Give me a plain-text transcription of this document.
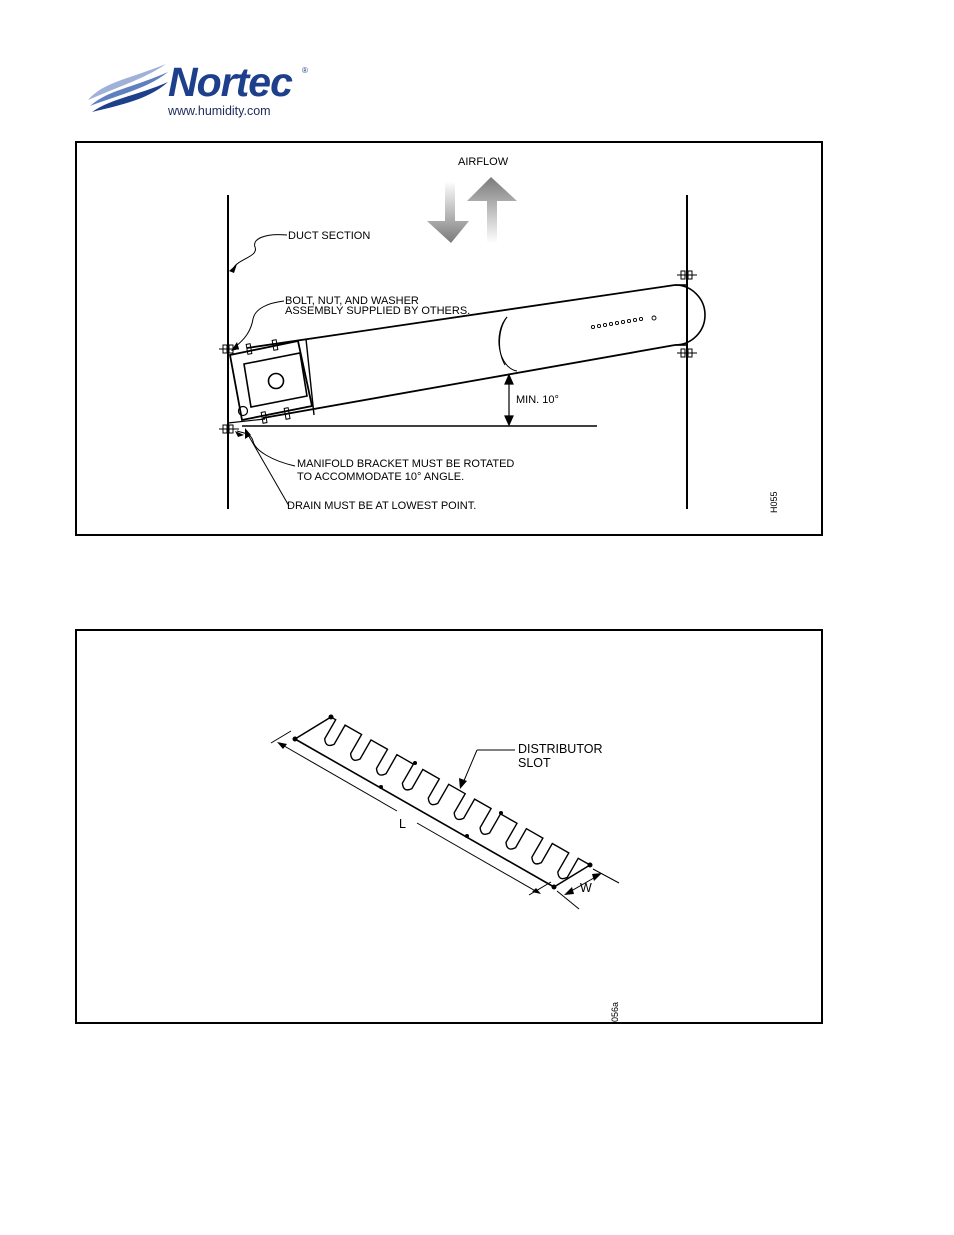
Nortec ®
www.humidity.com
AIRFLOW
MIN. 10°
DUCT SECTION
BOLT, NUT, AND WASHER
ASSEMBLY SUPPLIED BY OTHERS.
MANIFOLD BRACKET MUST BE ROTATED
TO ACCOMMODATE 10° ANGLE.
DRAIN MUST BE AT LOWEST POINT.	H055
L
W
DISTRIBUTOR
SLOT
056a
